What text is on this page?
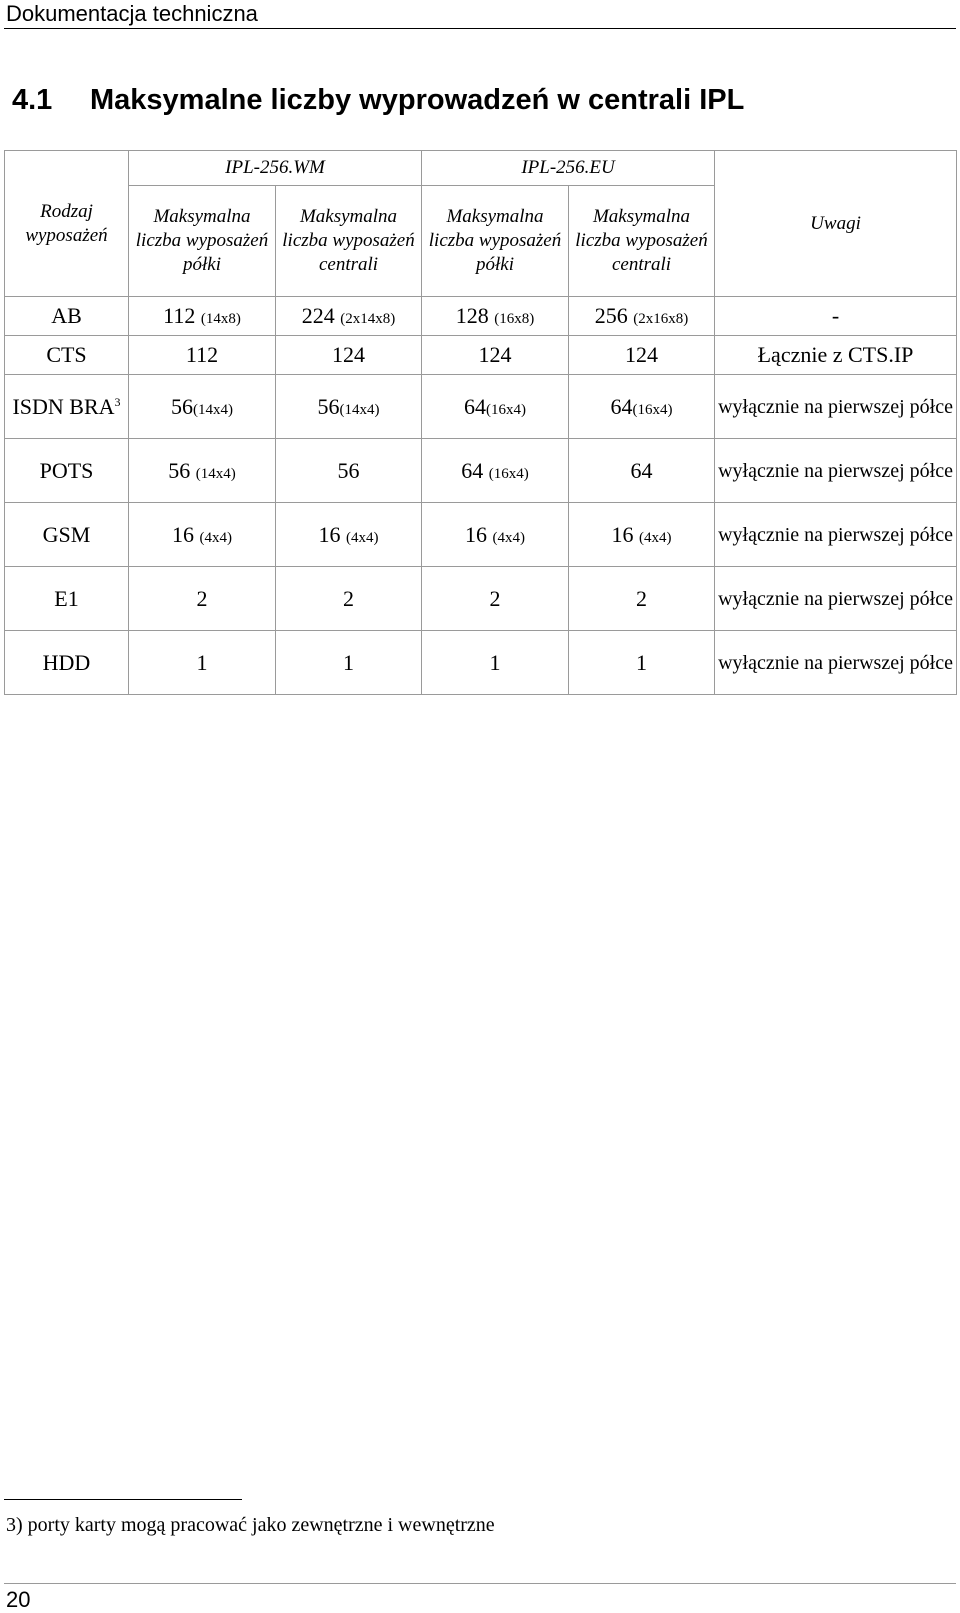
Dokumentacja techniczna
4.1 Maksymalne liczby wyprowadzeń w centrali IPL
Rodzaj wyposażeń	IPL-256.WM		IPL-256.EU		Uwagi
	Maksymalna liczba wyposażeń półki	Maksymalna liczba wyposażeń centrali	Maksymalna liczba wyposażeń półki	Maksymalna liczba wyposażeń centrali	
AB	112 (14x8)	224 (2x14x8)	128 (16x8)	256 (2x16x8)	-
CTS	112	124	124	124	Łącznie z CTS.IP
ISDN BRA$^3$	56(14x4)	56(14x4)	64(16x4)	64(16x4)	wyłącznie na pierwszej półce
POTS	56 (14x4)	56	64 (16x4)	64	wyłącznie na pierwszej półce
GSM	16 (4x4)	16 (4x4)	16 (4x4)	16 (4x4)	wyłącznie na pierwszej półce
E1	2	2	2	2	wyłącznie na pierwszej półce
HDD	1	1	1	1	wyłącznie na pierwszej półce
3) porty karty mogą pracować jako zewnętrzne i wewnętrzne
20
